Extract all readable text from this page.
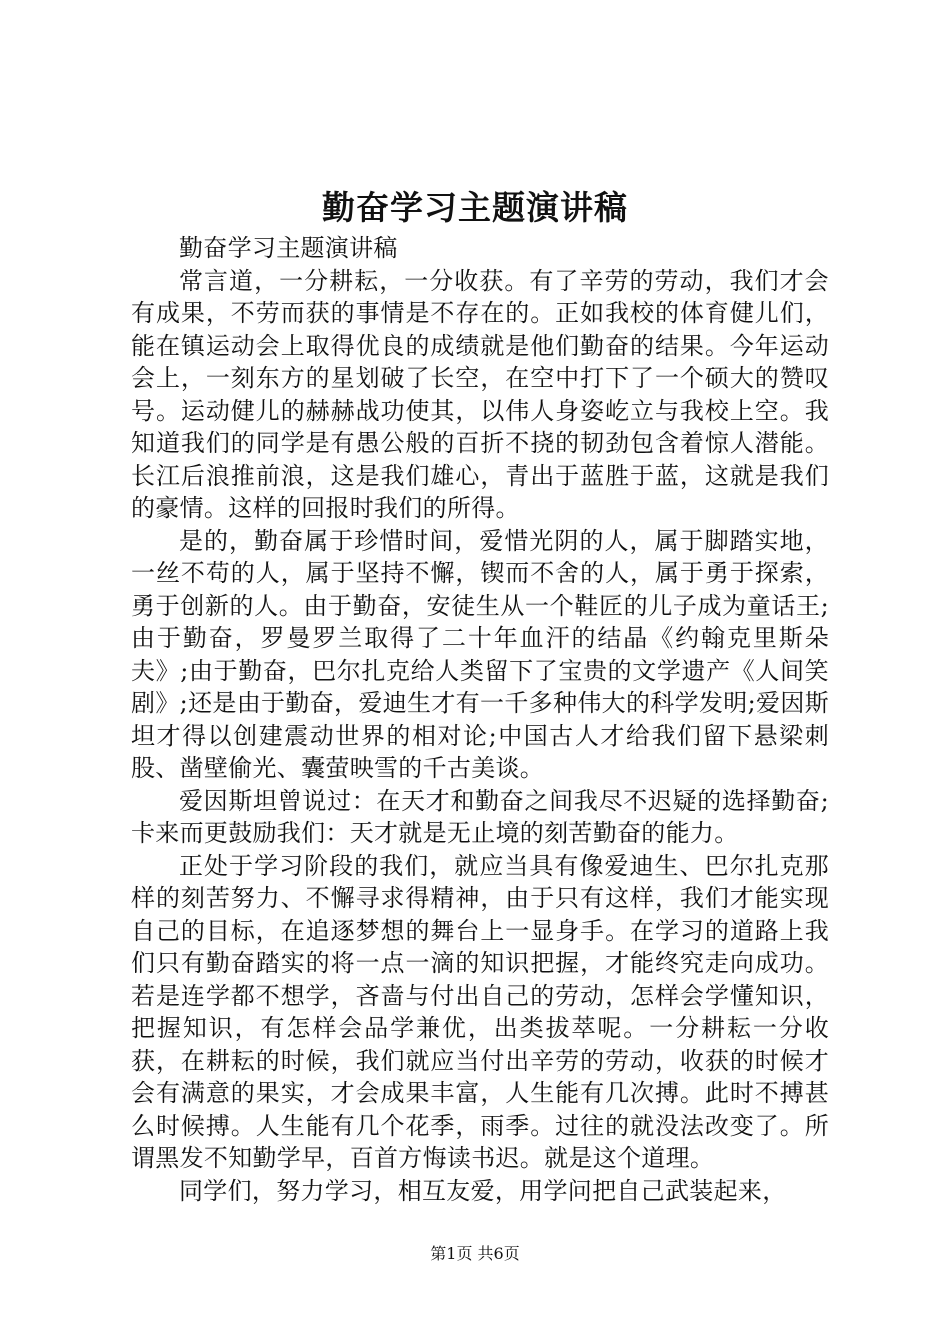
勤奋学习主题演讲稿

勤奋学习主题演讲稿

常言道，一分耕耘，一分收获。有了辛劳的劳动，我们才会有成果，不劳而获的事情是不存在的。正如我校的体育健儿们，能在镇运动会上取得优良的成绩就是他们勤奋的结果。今年运动会上，一刻东方的星划破了长空，在空中打下了一个硕大的赞叹号。运动健儿的赫赫战功使其，以伟人身姿屹立与我校上空。我知道我们的同学是有愚公般的百折不挠的韧劲包含着惊人潜能。长江后浪推前浪，这是我们雄心，青出于蓝胜于蓝，这就是我们的豪情。这样的回报时我们的所得。

是的，勤奋属于珍惜时间，爱惜光阴的人，属于脚踏实地，一丝不苟的人，属于坚持不懈，锲而不舍的人，属于勇于探索，勇于创新的人。由于勤奋，安徒生从一个鞋匠的儿子成为童话王;由于勤奋，罗曼罗兰取得了二十年血汗的结晶《约翰克里斯朵夫》;由于勤奋，巴尔扎克给人类留下了宝贵的文学遗产《人间笑剧》;还是由于勤奋，爱迪生才有一千多种伟大的科学发明;爱因斯坦才得以创建震动世界的相对论;中国古人才给我们留下悬梁刺股、凿壁偷光、囊萤映雪的千古美谈。

爱因斯坦曾说过：在天才和勤奋之间我尽不迟疑的选择勤奋;卡来而更鼓励我们：天才就是无止境的刻苦勤奋的能力。

正处于学习阶段的我们，就应当具有像爱迪生、巴尔扎克那样的刻苦努力、不懈寻求得精神，由于只有这样，我们才能实现自己的目标，在追逐梦想的舞台上一显身手。在学习的道路上我们只有勤奋踏实的将一点一滴的知识把握，才能终究走向成功。若是连学都不想学，吝啬与付出自己的劳动，怎样会学懂知识，把握知识，有怎样会品学兼优，出类拔萃呢。一分耕耘一分收获，在耕耘的时候，我们就应当付出辛劳的劳动，收获的时候才会有满意的果实，才会成果丰富，人生能有几次搏。此时不搏甚么时候搏。人生能有几个花季，雨季。过往的就没法改变了。所谓黑发不知勤学早，百首方悔读书迟。就是这个道理。

同学们，努力学习，相互友爱，用学问把自己武装起来，

第1页 共6页
